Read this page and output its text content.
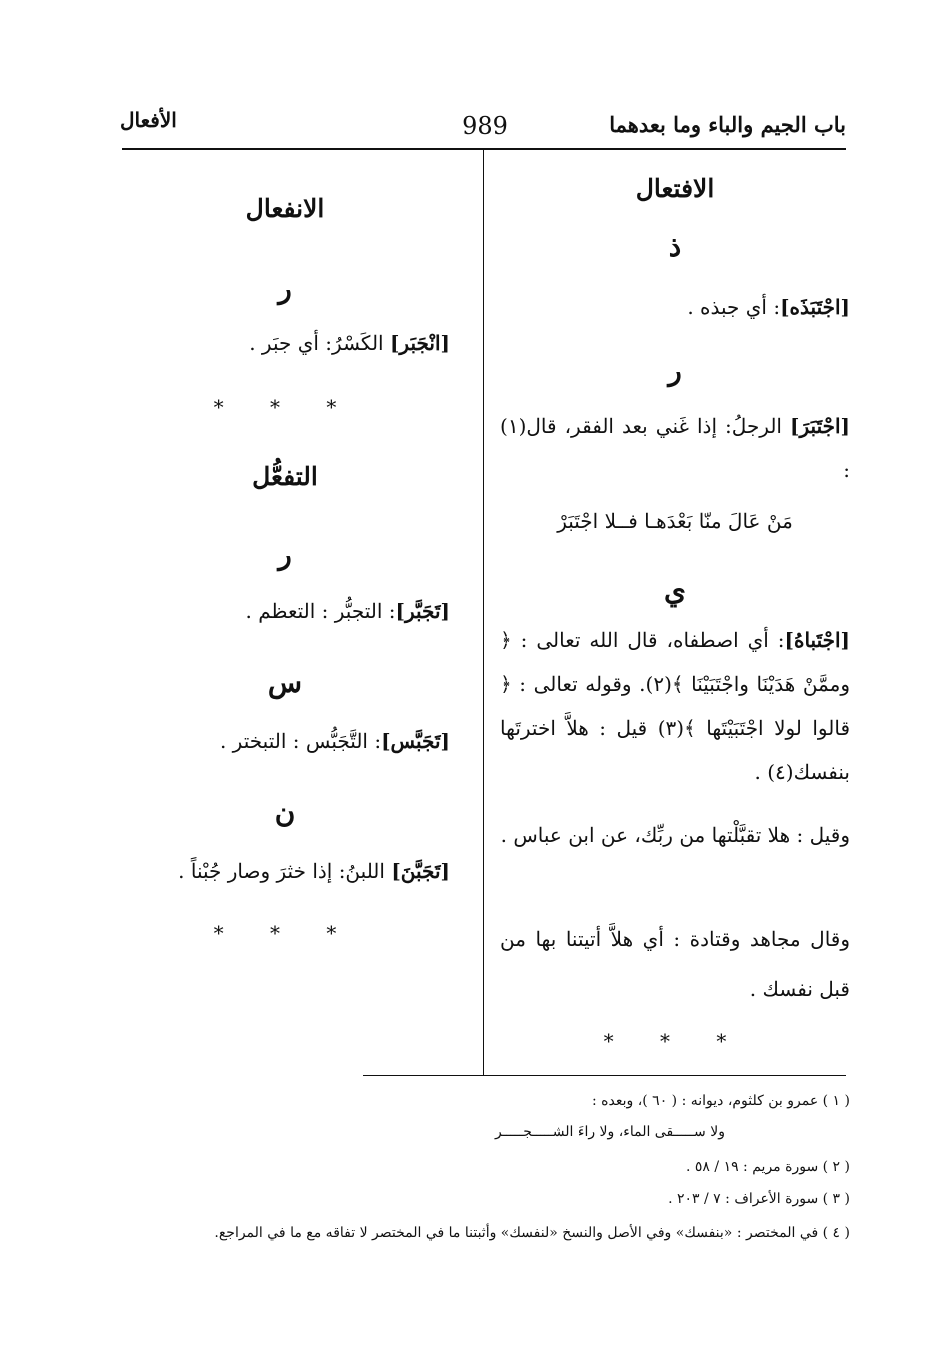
باب الجيم والباء وما بعدهما
989
الأفعال
الافتعال
ذ
[اجْتَبَذَه]: أي جبذه .
ر
[اجْتَبَرَ] الرجلُ: إذا غَني بعد الفقر، قال(١) :
مَنْ عَالَ منّا بَعْدَهـا فــلا اجْتَبَرْ
ي
[اجْتَباهُ]: أي اصطفاه، قال الله تعالى : ﴿ وممَّنْ هَدَيْنَا واجْتَبَيْنَا ﴾(٢). وقوله تعالى : ﴿ قالوا لولا اجْتَبَيْتَها ﴾(٣) قيل : هلاَّ اخترتَها بنفسك(٤) .
وقيل : هلا تقبَّلْتها من ربِّك، عن ابن عباس .
وقال مجاهد وقتادة : أي هلاَّ أتيتنا بها من قبل نفسك .
* * *
الانفعال
ر
[انْجَبَر] الكَسْرُ: أي جبَر .
* * *
التفعُّل
ر
[تَجَبَّر]: التجبُّر : التعظم .
س
[تَجَبَّس]: التَّجَبُّس : التبختر .
ن
[تَجَبَّنَ] اللبنُ: إذا خثرَ وصار جُبْناً .
* * *
( ١ ) عمرو بن كلثوم، ديوانه : ( ٦٠ )، وبعده :
ولا ســـــقى الماء، ولا راءَ الشـــــجـــــر
( ٢ ) سورة مريم : ١٩ / ٥٨ .
( ٣ ) سورة الأعراف : ٧ / ٢٠٣ .
( ٤ ) في المختصر : «بنفسك» وفي الأصل والنسخ «لنفسك» وأثبتنا ما في المختصر لا تفاقه مع ما في المراجع.
